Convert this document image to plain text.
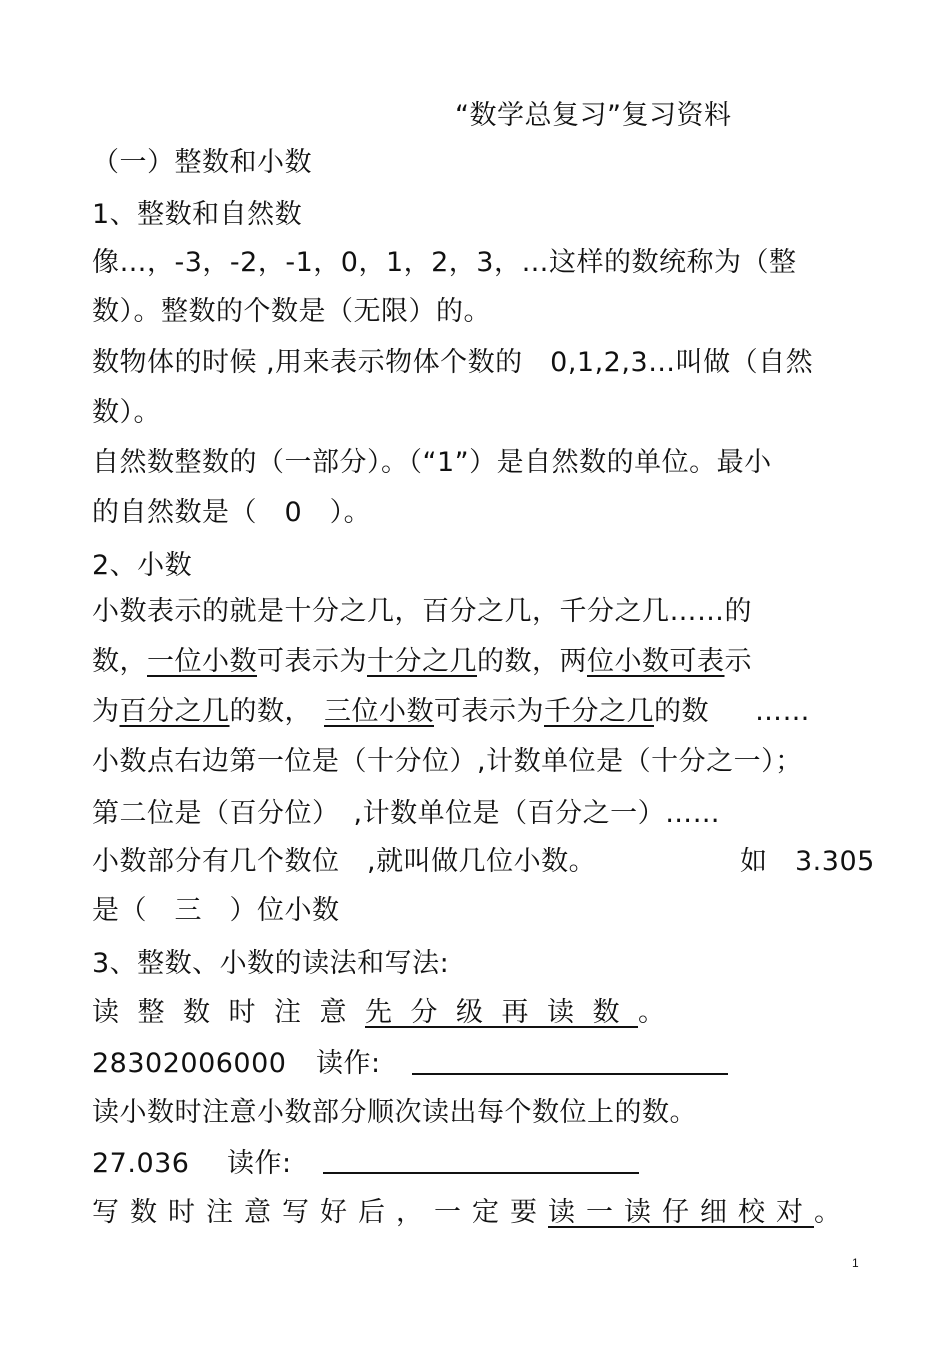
“数学总复习”复习资料
（一）整数和小数
1、整数和自然数
像…，-3，-2，-1，0，1，2，3，…这样的数统称为（整
数）。整数的个数是（无限）的。
数物体的时候 ,用来表示物体个数的　0,1,2,3…叫做（自然
数）。
自然数整数的（一部分）。（“1”）是自然数的单位。最小
的自然数是（　0　）。
2、小数
小数表示的就是十分之几，百分之几，千分之几……的
数，一位小数可表示为十分之几的数，两位小数可表示
为百分之几的数， 三位小数可表示为千分之几的数 ……
小数点右边第一位是（十分位）,计数单位是（十分之一）；
第二位是（百分位）　,计数单位是（百分之一）……
小数部分有几个数位　,就叫做几位小数。	如　3.305
是（　三　）位小数
3、整数、小数的读法和写法:
读整数时注意先分级再读数。
28302006000 读作:
读小数时注意小数部分顺次读出每个数位上的数。
27.036 读作:
写数时注意写好后，一定要读一读仔细校对。
1
